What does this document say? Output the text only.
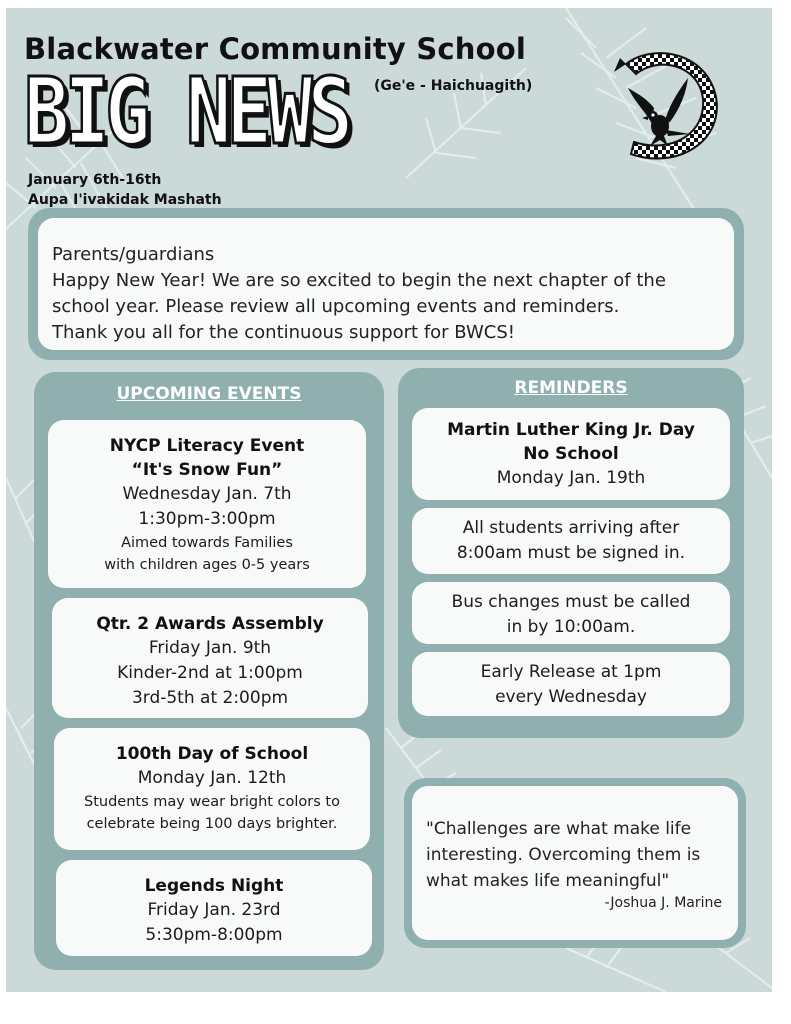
Blackwater Community School
BIG NEWS (Ge'e - Haichuagith)
January 6th-16th
Aupa I'ivakidak Mashath
Parents/guardians
Happy New Year! We are so excited to begin the next chapter of the
school year. Please review all upcoming events and reminders.
Thank you all for the continuous support for BWCS!
UPCOMING EVENTS
NYCP Literacy Event
“It's Snow Fun”
Wednesday Jan. 7th
1:30pm-3:00pm
Aimed towards Families
with children ages 0-5 years
Qtr. 2 Awards Assembly
Friday Jan. 9th
Kinder-2nd at 1:00pm
3rd-5th at 2:00pm
100th Day of School
Monday Jan. 12th
Students may wear bright colors to
celebrate being 100 days brighter.
Legends Night
Friday Jan. 23rd
5:30pm-8:00pm
REMINDERS
Martin Luther King Jr. Day
No School
Monday Jan. 19th
All students arriving after
8:00am must be signed in.
Bus changes must be called
in by 10:00am.
Early Release at 1pm
every Wednesday
"Challenges are what make life
interesting. Overcoming them is
what makes life meaningful"
-Joshua J. Marine
